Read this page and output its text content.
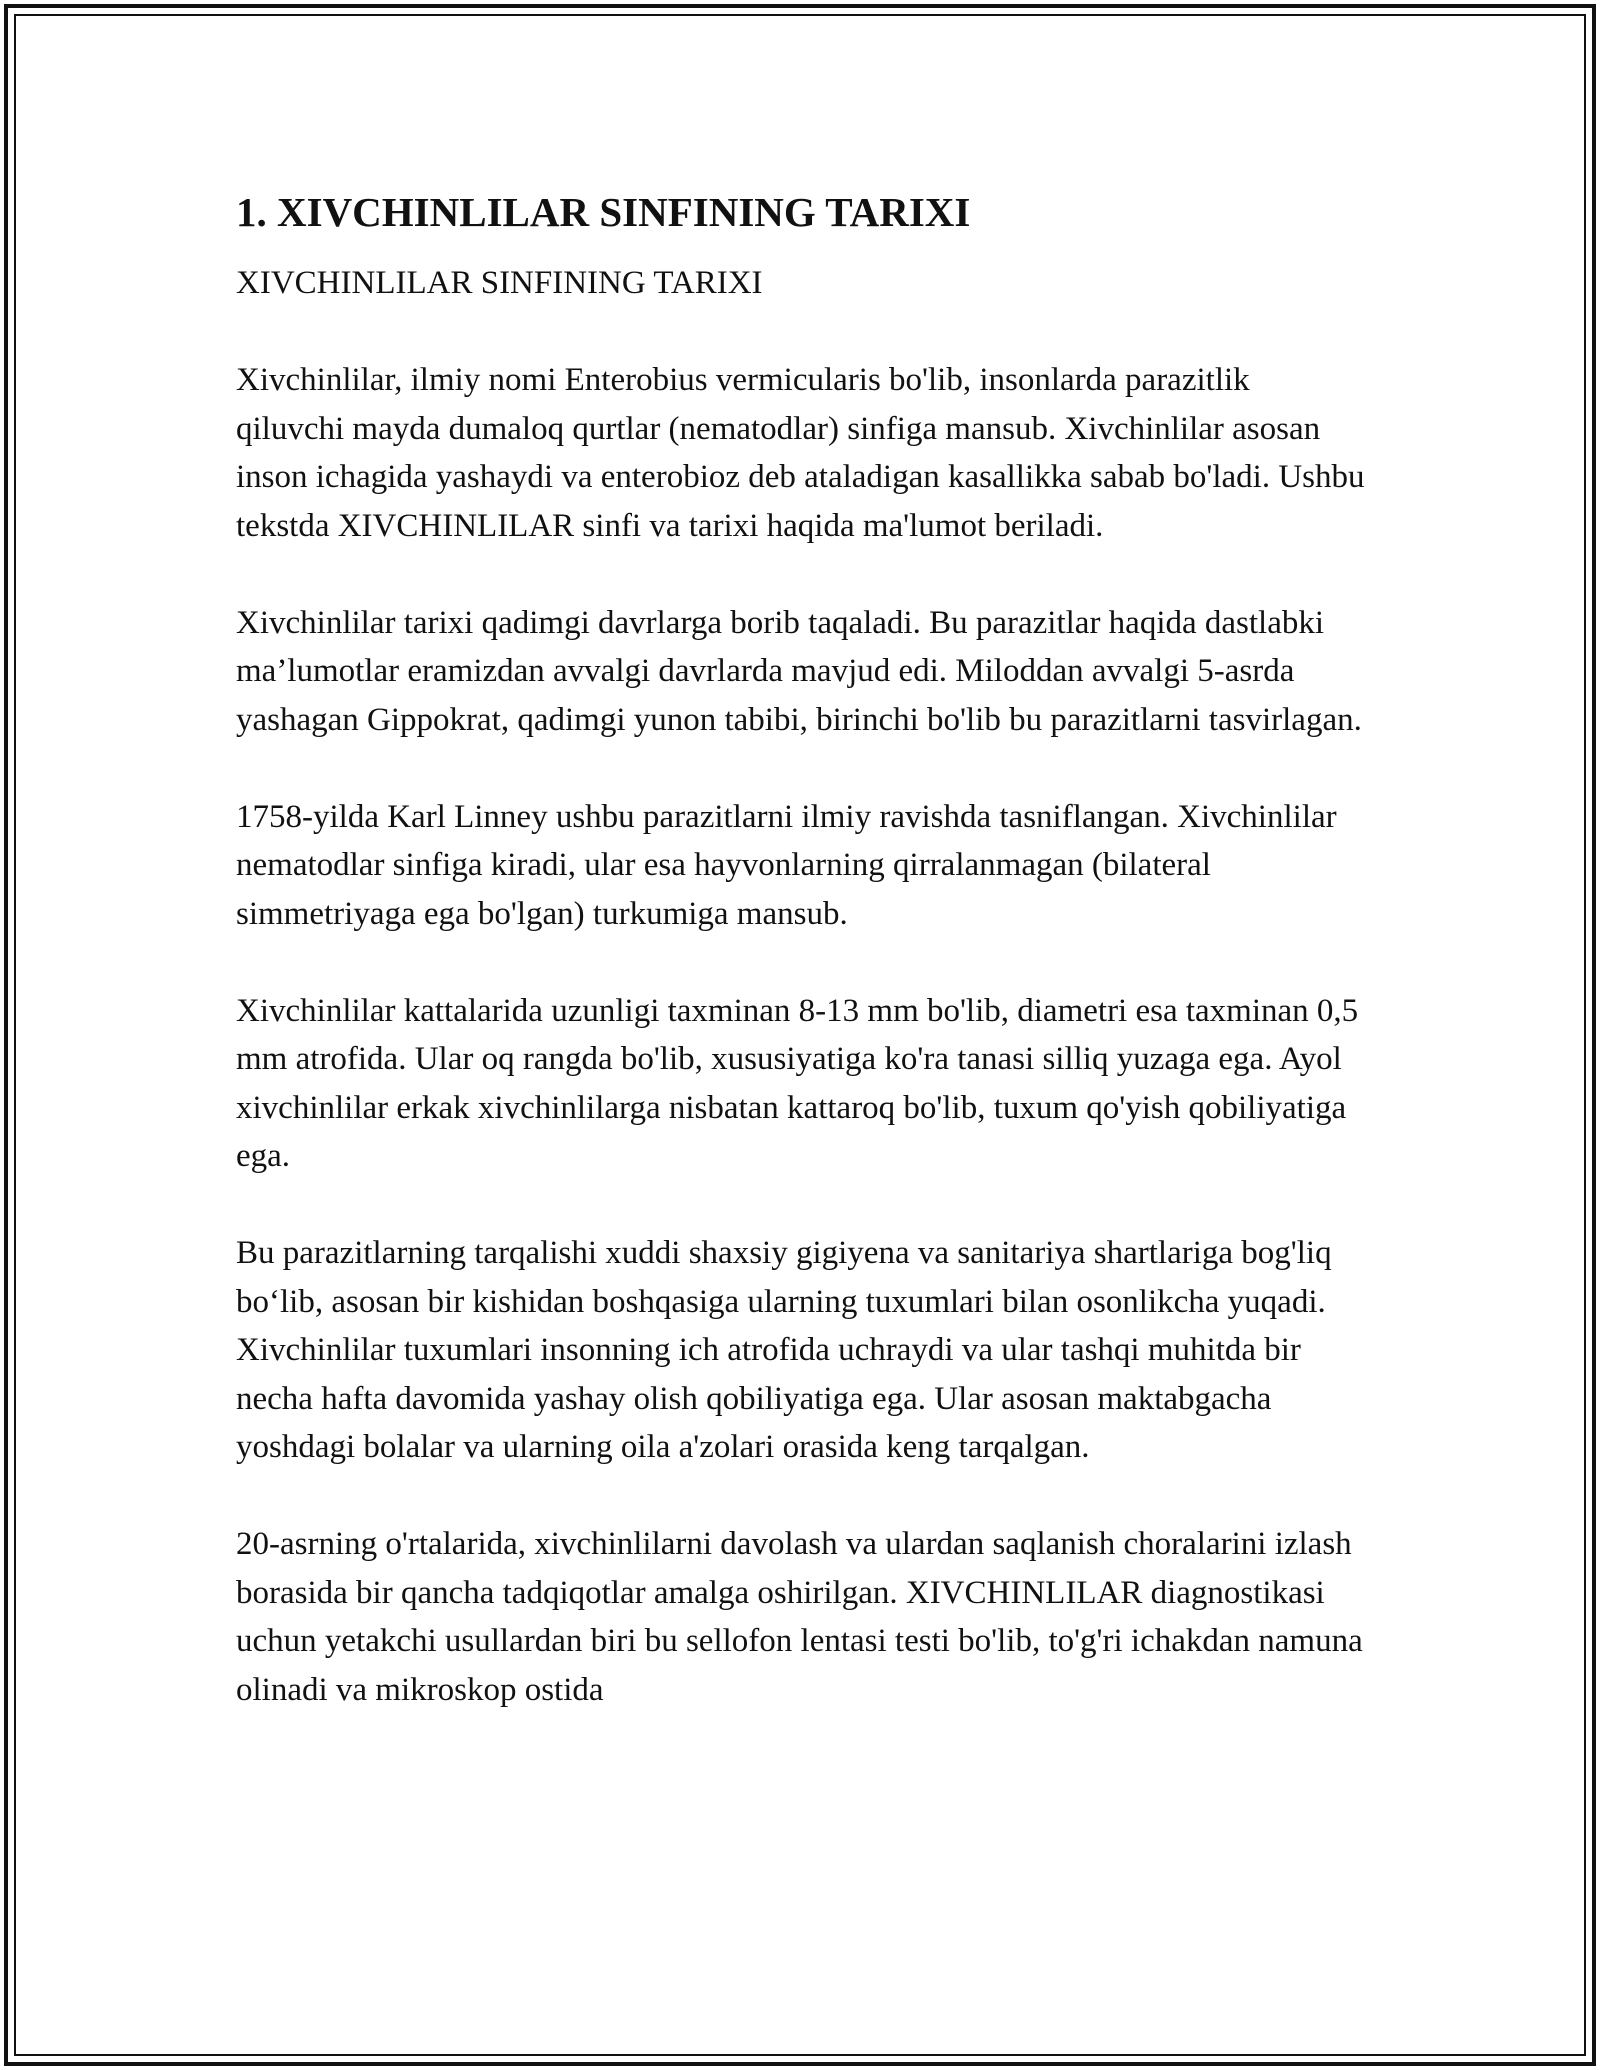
1. XIVCHINLILAR SINFINING TARIXI
XIVCHINLILAR SINFINING TARIXI

Xivchinlilar, ilmiy nomi Enterobius vermicularis bo'lib, insonlarda parazitlik qiluvchi mayda dumaloq qurtlar (nematodlar) sinfiga mansub. Xivchinlilar asosan inson ichagida yashaydi va enterobioz deb ataladigan kasallikka sabab bo'ladi. Ushbu tekstda XIVCHINLILAR sinfi va tarixi haqida ma'lumot beriladi.

Xivchinlilar tarixi qadimgi davrlarga borib taqaladi. Bu parazitlar haqida dastlabki ma’lumotlar eramizdan avvalgi davrlarda mavjud edi. Miloddan avvalgi 5-asrda yashagan Gippokrat, qadimgi yunon tabibi, birinchi bo'lib bu parazitlarni tasvirlagan.

1758-yilda Karl Linney ushbu parazitlarni ilmiy ravishda tasniflangan. Xivchinlilar nematodlar sinfiga kiradi, ular esa hayvonlarning qirralanmagan (bilateral simmetriyaga ega bo'lgan) turkumiga mansub.

Xivchinlilar kattalarida uzunligi taxminan 8-13 mm bo'lib, diametri esa taxminan 0,5 mm atrofida. Ular oq rangda bo'lib, xususiyatiga ko'ra tanasi silliq yuzaga ega. Ayol xivchinlilar erkak xivchinlilarga nisbatan kattaroq bo'lib, tuxum qo'yish qobiliyatiga ega.

Bu parazitlarning tarqalishi xuddi shaxsiy gigiyena va sanitariya shartlariga bog'liq bo‘lib, asosan bir kishidan boshqasiga ularning tuxumlari bilan osonlikcha yuqadi. Xivchinlilar tuxumlari insonning ich atrofida uchraydi va ular tashqi muhitda bir necha hafta davomida yashay olish qobiliyatiga ega. Ular asosan maktabgacha yoshdagi bolalar va ularning oila a'zolari orasida keng tarqalgan.

20-asrning o'rtalarida, xivchinlilarni davolash va ulardan saqlanish choralarini izlash borasida bir qancha tadqiqotlar amalga oshirilgan. XIVCHINLILAR diagnostikasi uchun yetakchi usullardan biri bu sellofon lentasi testi bo'lib, to'g'ri ichakdan namuna olinadi va mikroskop ostida
